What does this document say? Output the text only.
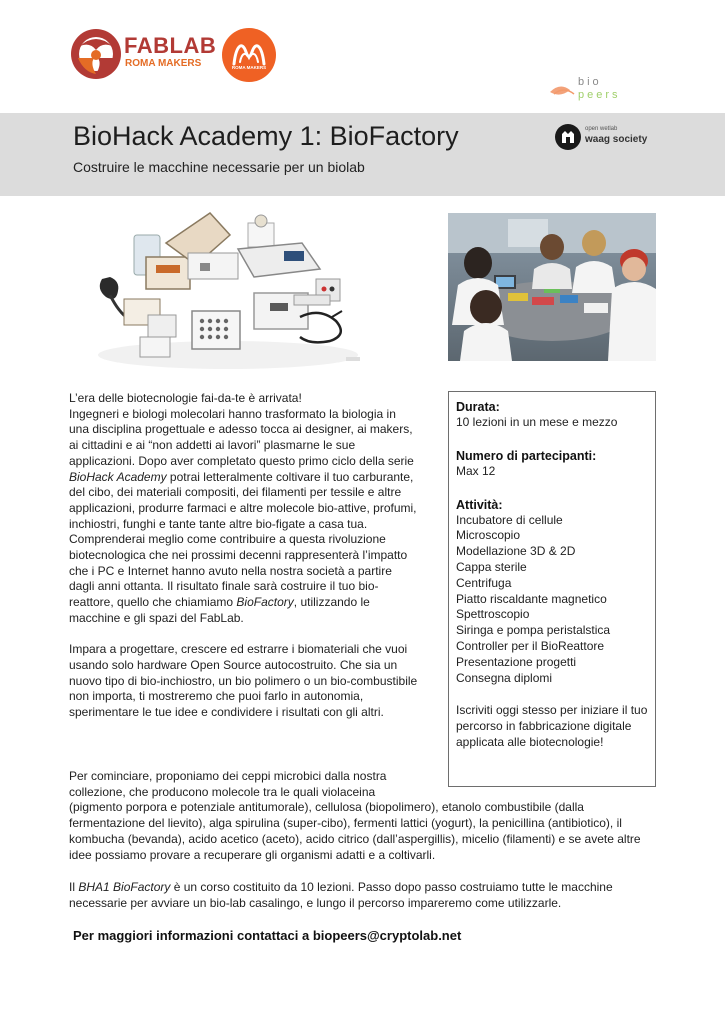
FABLAB
ROMA MAKERS	ROMA MAKERS
bio
peers
BioHack Academy 1: BioFactory
Costruire le macchine necessarie per un biolab
open wetlab
waag society

L’era delle biotecnologie fai-da-te è arrivata!

Ingegneri e biologi molecolari hanno trasformato la biologia in una disciplina progettuale e adesso tocca ai designer, ai makers, ai cittadini e ai “non addetti ai lavori” plasmarne le sue applicazioni. Dopo aver completato questo primo ciclo della serie BioHack Academy potrai letteralmente coltivare il tuo carburante, del cibo, dei materiali compositi, dei filamenti per tessile e altre applicazioni, produrre farmaci e altre molecole bio-attive, profumi, inchiostri, funghi e tante tante altre bio-figate a casa tua.

Comprenderai meglio come contribuire a questa rivoluzione biotecnologica che nei prossimi decenni rappresenterà l’impatto che i PC e Internet hanno avuto nella nostra società a partire dagli anni ottanta. Il risultato finale sarà costruire il tuo bio-reattore, quello che chiamiamo BioFactory, utilizzando le macchine e gli spazi del FabLab.

Impara a progettare, crescere ed estrarre i biomateriali che vuoi usando solo hardware Open Source autocostruito. Che sia un nuovo tipo di bio-inchiostro, un bio polimero o un bio-combustibile non importa, ti mostreremo che puoi farlo in autonomia, sperimentare le tue idee e condividere i risultati con gli altri.

Per cominciare, proponiamo dei ceppi microbici dalla nostra
collezione, che producono molecole tra le quali violaceina
(pigmento porpora e potenziale antitumorale), cellulosa (biopolimero), etanolo combustibile (dalla fermentazione del lievito), alga spirulina (super-cibo), fermenti lattici (yogurt), la penicillina (antibiotico), il kombucha (bevanda), acido acetico (aceto), acido citrico (dall’aspergillis), micelio (filamenti) e se avete altre idee possiamo provare a recuperare gli organismi adatti e a coltivarli.
Il BHA1 BioFactory è un corso costituito da 10 lezioni. Passo dopo passo costruiamo tutte le macchine necessarie per avviare un bio-lab casalingo, e lungo il percorso impareremo come utilizzarle.
Durata:
10 lezioni in un mese e mezzo
Numero di partecipanti:
Max 12
Attività:
Incubatore di cellule
Microscopio
Modellazione 3D & 2D
Cappa sterile
Centrifuga
Piatto riscaldante magnetico
Spettroscopio
Siringa e pompa peristalstica
Controller per il BioReattore
Presentazione progetti
Consegna diplomi
Iscriviti oggi stesso per iniziare il tuo percorso in fabbricazione digitale applicata alle biotecnologie!
Per maggiori informazioni contattaci a biopeers@cryptolab.net
